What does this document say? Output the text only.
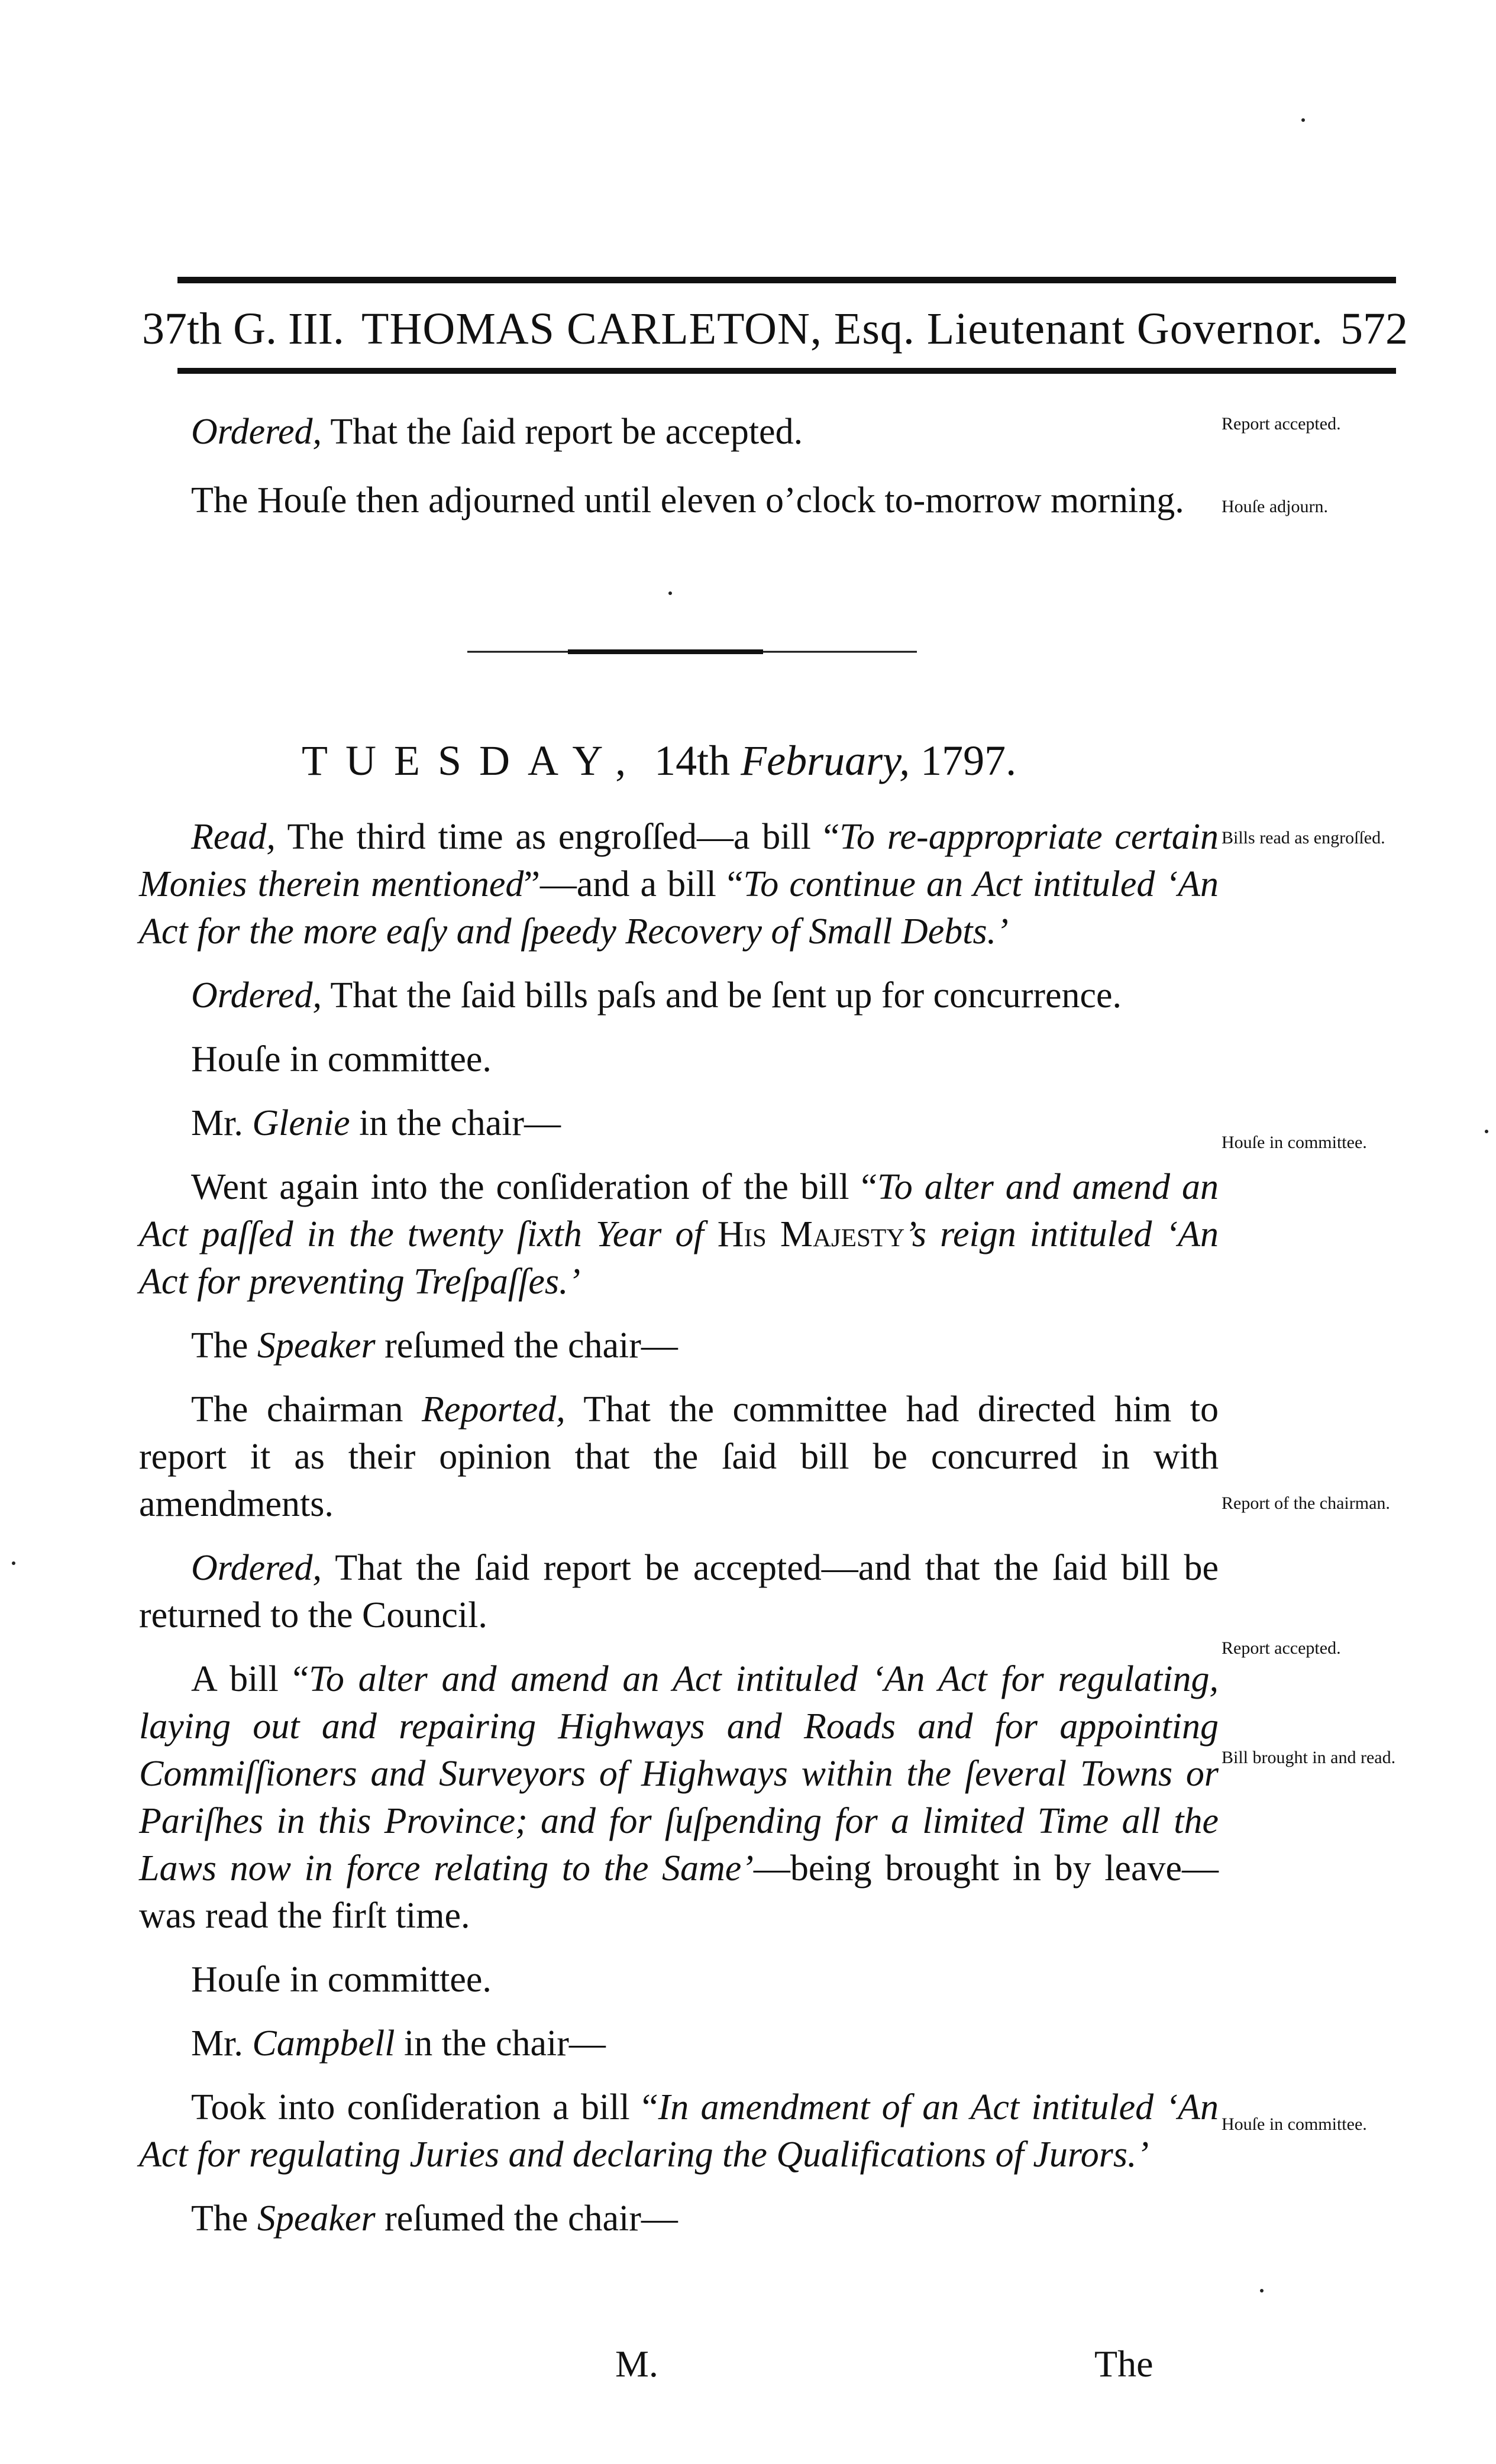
37th G. III. THOMAS CARLETON, Esq. Lieutenant Governor. 572

Ordered, That the ſaid report be accepted.

The Houſe then adjourned until eleven o’clock to-morrow morning.

TUESDAY, 14th February, 1797.

Read, The third time as engroſſed—a bill “To re-appropriate certain Monies therein mentioned”—and a bill “To continue an Act intituled ‘An Act for the more eaſy and ſpeedy Recovery of Small Debts.’

Ordered, That the ſaid bills paſs and be ſent up for concurrence.

Houſe in committee.

Mr. Glenie in the chair—

Went again into the conſideration of the bill “To alter and amend an Act paſſed in the twenty ſixth Year of His Majesty’s reign intituled ‘An Act for preventing Treſpaſſes.’

The Speaker reſumed the chair—

The chairman Reported, That the committee had directed him to report it as their opinion that the ſaid bill be concurred in with amendments.

Ordered, That the ſaid report be accepted—and that the ſaid bill be returned to the Council.

A bill “To alter and amend an Act intituled ‘An Act for regulating, laying out and repairing Highways and Roads and for appointing Commiſſioners and Surveyors of Highways within the ſeveral Towns or Pariſhes in this Province; and for ſuſpending for a limited Time all the Laws now in force relating to the Same’—being brought in by leave—was read the firſt time.

Houſe in committee.

Mr. Campbell in the chair—

Took into conſideration a bill “In amendment of an Act intituled ‘An Act for regulating Juries and declaring the Qualifications of Jurors.’

The Speaker reſumed the chair—

Report accepted.
Houſe adjourn.
Bills read as engroſſed.
Houſe in committee.
Report of the chairman.
Report accepted.
Bill brought in and read.
Houſe in committee.
M.	The
